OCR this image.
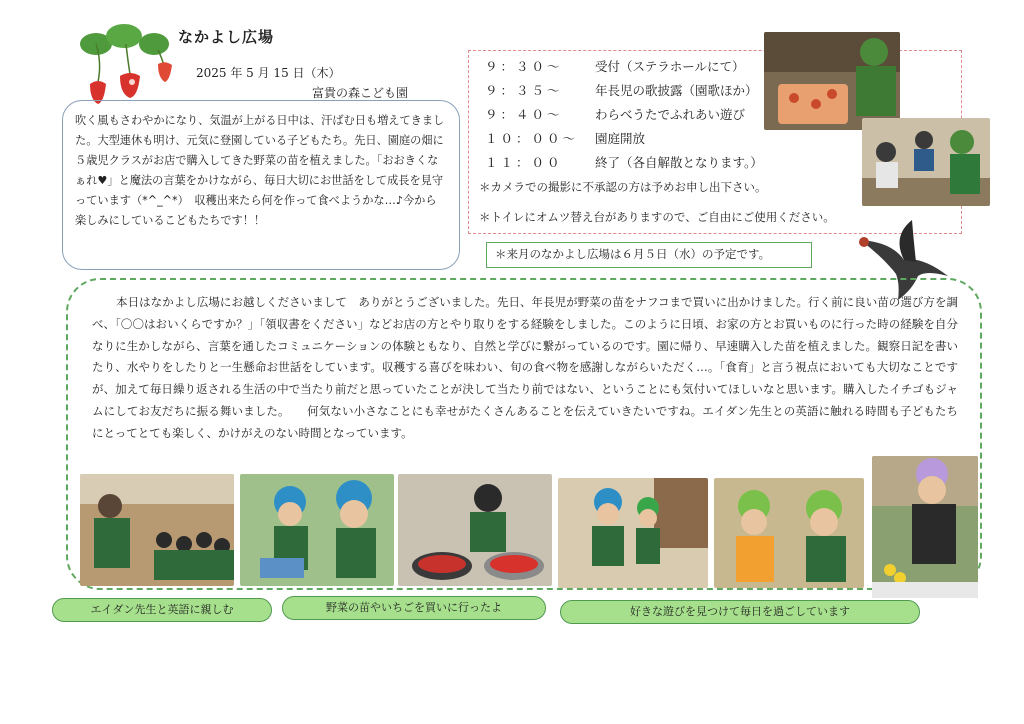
なかよし広場
2025 年 5 月 15 日（木）
富貴の森こども園
吹く風もさわやかになり、気温が上がる日中は、汗ばむ日も増えてきました。大型連休も明け、元気に登園している子どもたち。先日、園庭の畑に５歳児クラスがお店で購入してきた野菜の苗を植えました。「おおきくなぁれ♥」と魔法の言葉をかけながら、毎日大切にお世話をして成長を見守っています（*^_^*）　収穫出来たら何を作って食べようかな…♪今から楽しみにしているこどもたちです！！
９：３０～	受付（ステラホールにて）
９：３５～	年長児の歌披露（園歌ほか）
９：４０～	わらべうたでふれあい遊び
１０：００～ 園庭開放
１１：００	終了（各自解散となります。）
＊カメラでの撮影に不承認の方は予めお申し出下さい。
＊トイレにオムツ替え台がありますので、ご自由にご使用ください。
＊来月のなかよし広場は６月５日（水）の予定です。
本日はなかよし広場にお越しくださいまして　ありがとうございました。先日、年長児が野菜の苗をナフコまで買いに出かけました。行く前に良い苗の選び方を調べ、「〇〇はおいくらですか？」「領収書をください」などお店の方とやり取りをする経験をしました。このように日頃、お家の方とお買いものに行った時の経験を自分なりに生かしながら、言葉を通したコミュニケーションの体験ともなり、自然と学びに繋がっているのです。園に帰り、早速購入した苗を植えました。観察日記を書いたり、水やりをしたりと一生懸命お世話をしています。収穫する喜びを味わい、旬の食べ物を感謝しながらいただく…。「食育」と言う視点においても大切なことですが、加えて毎日繰り返される生活の中で当たり前だと思っていたことが決して当たり前ではない、ということにも気付いてほしいなと思います。購入したイチゴもジャムにしてお友だちに振る舞いました。　　何気ない小さなことにも幸せがたくさんあることを伝えていきたいですね。エイダン先生との英語に触れる時間も子どもたちにとってとても楽しく、かけがえのない時間となっています。
エイダン先生と英語に親しむ	野菜の苗やいちごを買いに行ったよ	好きな遊びを見つけて毎日を過ごしています
